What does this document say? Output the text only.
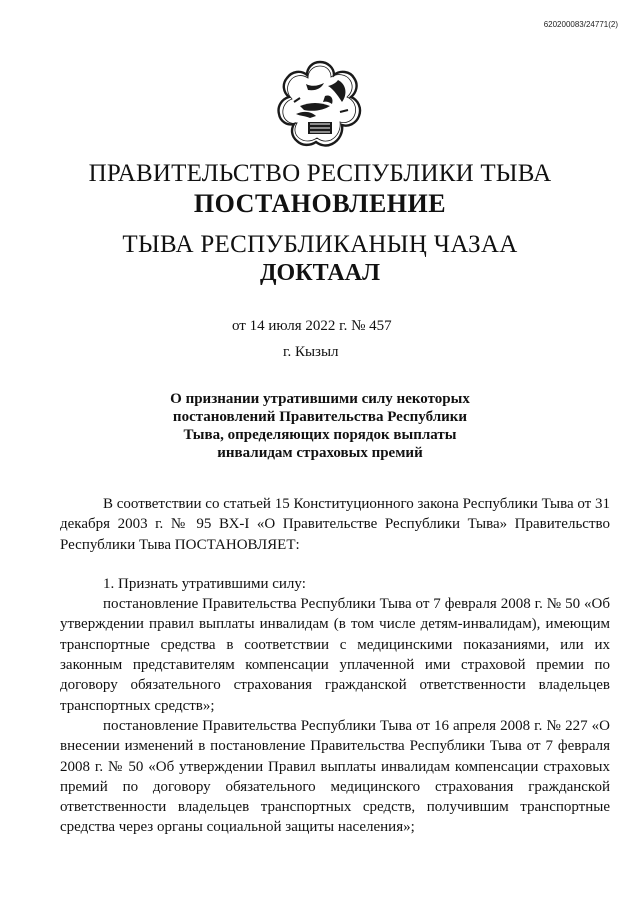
620200083/24771(2)
ПРАВИТЕЛЬСТВО РЕСПУБЛИКИ ТЫВА
ПОСТАНОВЛЕНИЕ
ТЫВА РЕСПУБЛИКАНЫҢ ЧАЗАА
ДОКТААЛ
от 14 июля 2022 г. № 457
г. Кызыл
О признании утратившими силу некоторых
постановлений Правительства Республики
Тыва, определяющих порядок выплаты
инвалидам страховых премий

В соответствии со статьей 15 Конституционного закона Республики Тыва от 31 декабря 2003 г. № 95 ВХ-I «О Правительстве Республики Тыва» Правительство Республики Тыва ПОСТАНОВЛЯЕТ:

1. Признать утратившими силу:

постановление Правительства Республики Тыва от 7 февраля 2008 г. № 50 «Об утверждении правил выплаты инвалидам (в том числе детям-инвалидам), имеющим транспортные средства в соответствии с медицинскими показаниями, или их законным представителям компенсации уплаченной ими страховой премии по договору обязательного страхования гражданской ответственности владельцев транспортных средств»;

постановление Правительства Республики Тыва от 16 апреля 2008 г. № 227 «О внесении изменений в постановление Правительства Республики Тыва от 7 февраля 2008 г. № 50 «Об утверждении Правил выплаты инвалидам компенсации страховых премий по договору обязательного медицинского страхования гражданской ответственности владельцев транспортных средств, получившим транспортные средства через органы социальной защиты населения»;
